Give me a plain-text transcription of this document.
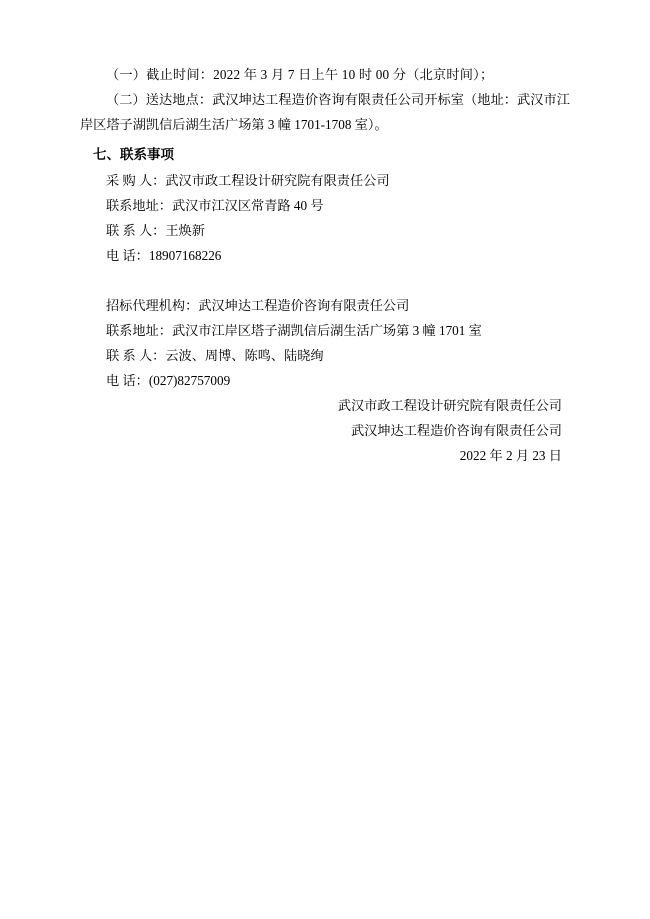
（一）截止时间：2022 年 3 月 7 日上午 10 时 00 分（北京时间）；
（二）送达地点：武汉坤达工程造价咨询有限责任公司开标室（地址：武汉市江岸区塔子湖凯信后湖生活广场第 3 幢 1701-1708 室）。
七、联系事项
采 购 人：武汉市政工程设计研究院有限责任公司
联系地址：武汉市江汉区常青路 40 号
联 系 人：王焕新
电 话：18907168226
招标代理机构：武汉坤达工程造价咨询有限责任公司
联系地址：武汉市江岸区塔子湖凯信后湖生活广场第 3 幢 1701 室
联 系 人：云波、周博、陈鸣、陆晓绚
电 话：(027)82757009
武汉市政工程设计研究院有限责任公司
武汉坤达工程造价咨询有限责任公司
2022 年 2 月 23 日
